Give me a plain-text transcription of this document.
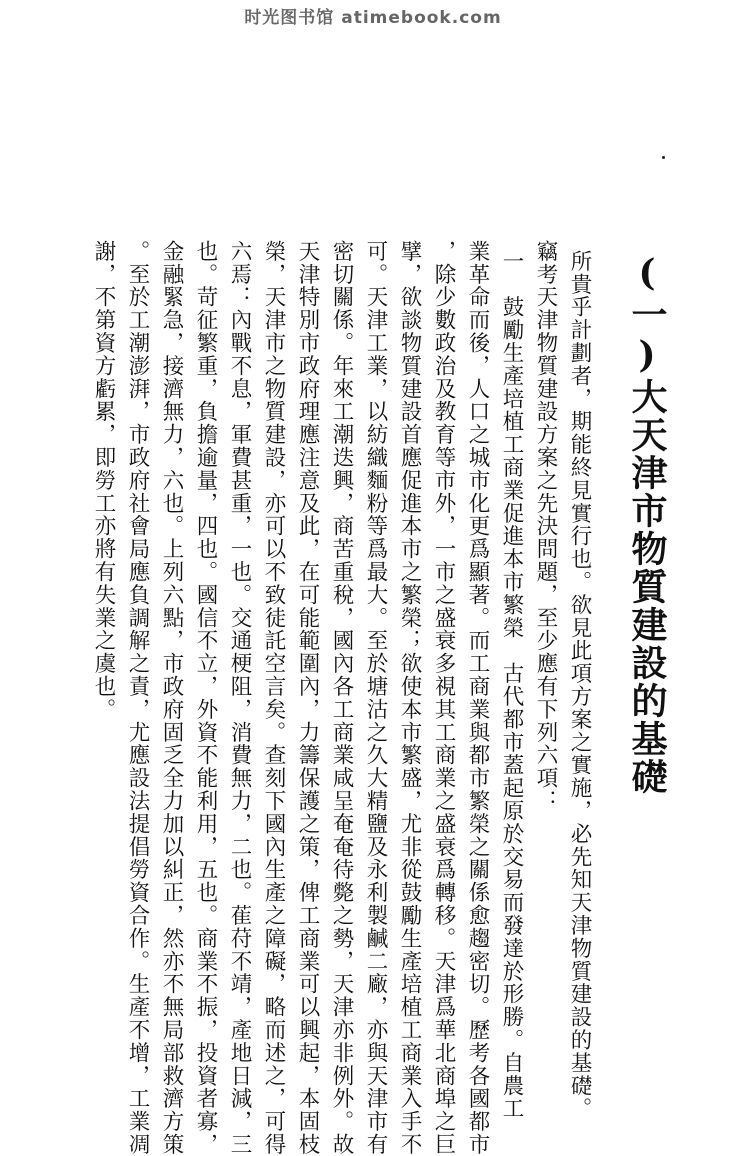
时光图书馆 atimebook.com
(一)大天津市物質建設的基礎
所貴乎計劃者，期能終見實行也。欲見此項方案之實施，必先知天津物質建設的基礎。
竊考天津物質建設方案之先決問題，至少應有下列六項：
一　鼓勵生產培植工商業促進本市繁榮　古代都市蓋起原於交易而發達於形勝。自農工
業革命而後，人口之城市化更爲顯著。而工商業與都市繁榮之關係愈趨密切。歷考各國都市
，除少數政治及教育等市外，一市之盛衰多視其工商業之盛衰爲轉移。天津爲華北商埠之巨
擘，欲談物質建設首應促進本市之繁榮；欲使本市繁盛，尤非從鼓勵生產培植工商業入手不
可。天津工業，以紡織麵粉等爲最大。至於塘沽之久大精鹽及永利製鹹二廠，亦與天津市有
密切關係。年來工潮迭興，商苦重稅，國內各工商業咸呈奄奄待斃之勢，天津亦非例外。故
天津特別市政府理應注意及此，在可能範圍內，力籌保護之策，俾工商業可以興起，本固枝
榮，天津市之物質建設，亦可以不致徒託空言矣。查刻下國內生產之障礙，略而述之，可得
六焉：內戰不息，軍費甚重，一也。交通梗阻，消費無力，二也。萑苻不靖，產地日減，三
也。苛征繁重，負擔逾量，四也。國信不立，外資不能利用，五也。商業不振，投資者寡，
金融緊急，接濟無力，六也。上列六點，市政府固乏全力加以糾正，然亦不無局部救濟方策
。至於工潮澎湃，市政府社會局應負調解之責，尤應設法提倡勞資合作。生產不增，工業凋
謝，不第資方虧累，即勞工亦將有失業之虞也。
